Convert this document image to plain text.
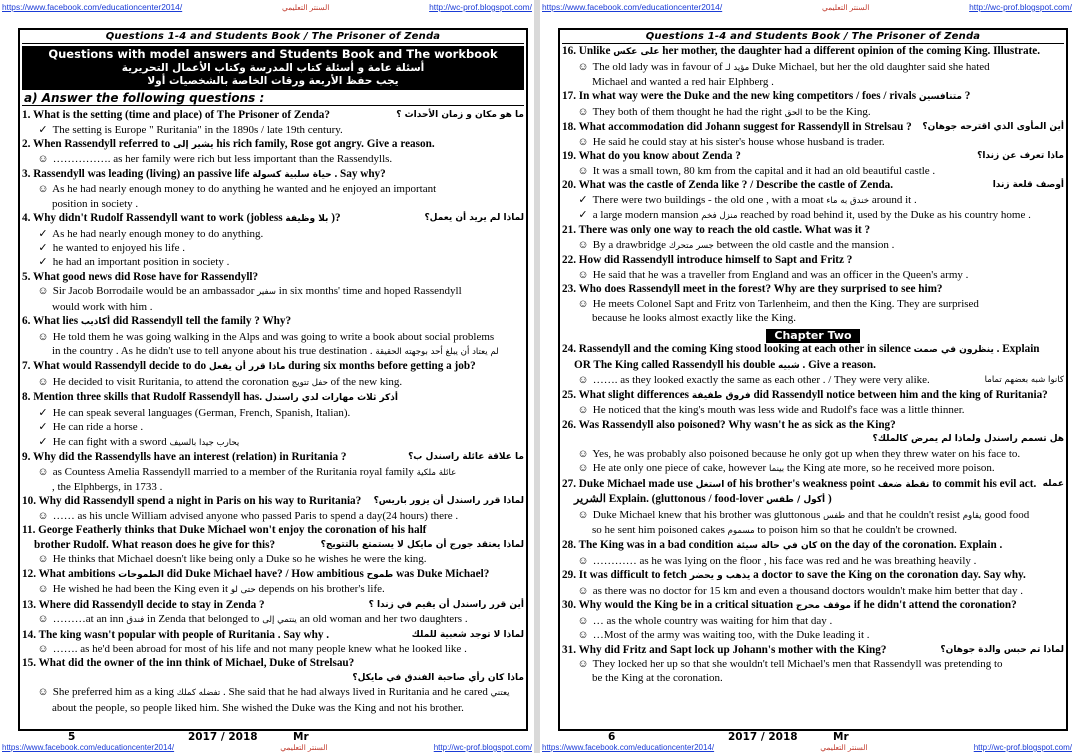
https://www.facebook.com/educationcenter2014/	السنتر التعليمي	http://wc-prof.blogspot.com/
Questions 1-4 and Students Book / The Prisoner of Zenda
Questions with model answers and Students Book and The workbook
أسئلة عامة و أسئلة كتاب المدرسة وكتاب الأعمال التحريرية
يجب حفظ الأربعة ورقات الخاصة بالشخصيات أولا
a) Answer the following questions :
1. What is the setting (time and place) of The Prisoner of Zenda?	ما هو مكان و زمان الأحداث ؟
✓ The setting is Europe " Ruritania" in the 1890s / late 19th century.
2. When Rassendyll referred to يشير إلى his rich family, Rose got angry. Give a reason.
☺ ……………. as her family were rich but less important than the Rassendylls.
3. Rassendyll was leading (living) an passive life حياة سلبية كسولة . Say why?
☺ As he had nearly enough money to do anything he wanted and he enjoyed an important
position in society .
4. Why didn't Rudolf Rassendyll want to work (jobless بلا وظيفة )?	لماذا لم يريد أن يعمل؟
✓ As he had nearly enough money to do anything.
✓ he wanted to enjoyed his life .
✓ he had an important position in society .
5. What good news did Rose have for Rassendyll?
☺ Sir Jacob Borrodaile would be an ambassador سفير in six months' time and hoped Rassendyll
would work with him .
6. What lies أكاذيب did Rassendyll tell the family ? Why?
☺ He told them he was going walking in the Alps and was going to write a book about social problems
in the country . As he didn't use to tell anyone about his true destination . لم يعتاد أن يبلغ أحد بوجهته الحقيقة
7. What would Rassendyll decide to do ماذا قرر أن يفعل during six months before getting a job?
☺ He decided to visit Ruritania, to attend the coronation حفل تتويج of the new king.
8. Mention three skills that Rudolf Rassendyll has. أذكر ثلاث مهارات لدي راسندل
✓ He can speak several languages (German, French, Spanish, Italian).
✓ He can ride a horse .
✓ He can fight with a sword يحارب جيدا بالسيف
9. Why did the Rassendylls have an interest (relation) in Ruritania ?	ما علاقة عائلة راسندل ب؟
☺ as Countess Amelia Rassendyll married to a member of the Ruritania royal family عائلة ملكية
, the Elphbergs, in 1733 .
10. Why did Rassendyll spend a night in Paris on his way to Ruritania? لماذا قرر راسندل أن يزور باريس؟
☺ …… as his uncle William advised anyone who passed Paris to spend a day(24 hours) there .
11. George Featherly thinks that Duke Michael won't enjoy the coronation of his half
brother Rudolf. What reason does he give for this?	لماذا يعتقد جورج أن مايكل لا يستمتع بالتتويج؟
☺ He thinks that Michael doesn't like being only a Duke so he wishes he were the king.
12. What ambitions الطموحات did Duke Michael have? / How ambitious طموح was Duke Michael?
☺ He wished he had been the King even it حتى لو depends on his brother's life.
13. Where did Rassendyll decide to stay in Zenda ?	أين قرر راسندل أن يقيم في زندا ؟
☺ ………at an inn فندق in Zenda that belonged to ينتمي إلى an old woman and her two daughters .
14. The king wasn't popular with people of Ruritania . Say why .	لماذا لا توجد شعبية للملك
☺ ……. as he'd been abroad for most of his life and not many people knew what he looked like .
15. What did the owner of the inn think of Michael, Duke of Strelsau?
ماذا كان رأي صاحبة الفندق في مايكل؟
☺ She preferred him as a king تفضله كملك . She said that he had always lived in Ruritania and he cared يعتني
about the people, so people liked him. She wished the Duke was the King and not his brother.
5	2017 / 2018	Mr
https://www.facebook.com/educationcenter2014/	السنتر التعليمي	http://wc-prof.blogspot.com/
https://www.facebook.com/educationcenter2014/	السنتر التعليمي	http://wc-prof.blogspot.com/
Questions 1-4 and Students Book / The Prisoner of Zenda
16. Unlike على عكس her mother, the daughter had a different opinion of the coming King. Illustrate.
☺ The old lady was in favour of مؤيد لـ Duke Michael, but her the old daughter said she hated
Michael and wanted a red hair Elphberg .
17. In what way were the Duke and the new king competitors / foes / rivals متنافسين ?
☺ They both of them thought he had the right الحق to be the King.
18. What accommodation did Johann suggest for Rassendyll in Strelsau ? أين المأوى الذي اقترحه جوهان؟
☺ He said he could stay at his sister's house whose husband is trader.
19. What do you know about Zenda ?	ماذا تعرف عن زندا؟
☺ It was a small town, 80 km from the capital and it had an old beautiful castle .
20. What was the castle of Zenda like ? / Describe the castle of Zenda.	أوصف قلعة زندا
✓ There were two buildings - the old one , with a moat خندق به ماء around it .
✓ a large modern mansion منزل فخم reached by road behind it, used by the Duke as his country home .
21. There was only one way to reach the old castle. What was it ?
☺ By a drawbridge جسر متحرك between the old castle and the mansion .
22. How did Rassendyll introduce himself to Sapt and Fritz ?
☺ He said that he was a traveller from England and was an officer in the Queen's army .
23. Who does Rassendyll meet in the forest? Why are they surprised to see him?
☺ He meets Colonel Sapt and Fritz von Tarlenheim, and then the King. They are surprised
because he looks almost exactly like the King.
Chapter Two
24. Rassendyll and the coming King stood looking at each other in silence ينظرون في صمت . Explain
OR The King called Rassendyll his double شبيه . Give a reason.
☺ ……. as they looked exactly the same as each other . / They were very alike.	كانوا شبه بعضهم تماما
25. What slight differences فروق طفيفة did Rassendyll notice between him and the king of Ruritania?
☺ He noticed that the king's mouth was less wide and Rudolf's face was a little thinner.
26. Was Rassendyll also poisoned? Why wasn't he as sick as the King?
هل تسمم راسندل ولماذا لم يمرض كالملك؟
☺ Yes, he was probably also poisoned because he only got up when they threw water on his face to.
☺ He ate only one piece of cake, however بينما the King ate more, so he received more poison.
27. Duke Michael made use استغل of his brother's weakness point نقطة ضعف to commit his evil act. عمله
الشرير Explain. (gluttonous / food-lover أكول / طفس )
☺ Duke Michael knew that his brother was gluttonous طفس and that he couldn't resist يقاوم good food
so he sent him poisoned cakes مسموم to poison him so that he couldn't be crowned.
28. The King was in a bad condition كان في حالة سيئة on the day of the coronation. Explain .
☺ ………… as he was lying on the floor , his face was red and he was breathing heavily .
29. It was difficult to fetch يذهب و يحضر a doctor to save the King on the coronation day. Say why.
☺ as there was no doctor for 15 km and even a thousand doctors wouldn't make him better that day .
30. Why would the King be in a critical situation موقف محرج if he didn't attend the coronation?
☺ … as the whole country was waiting for him that day .
☺ …Most of the army was waiting too, with the Duke leading it .
31. Why did Fritz and Sapt lock up Johann's mother with the King?	لماذا تم حبس والدة جوهان؟
☺ They locked her up so that she wouldn't tell Michael's men that Rassendyll was pretending to
be the King at the coronation.
6	2017 / 2018	Mr
https://www.facebook.com/educationcenter2014/	السنتر التعليمي	http://wc-prof.blogspot.com/
